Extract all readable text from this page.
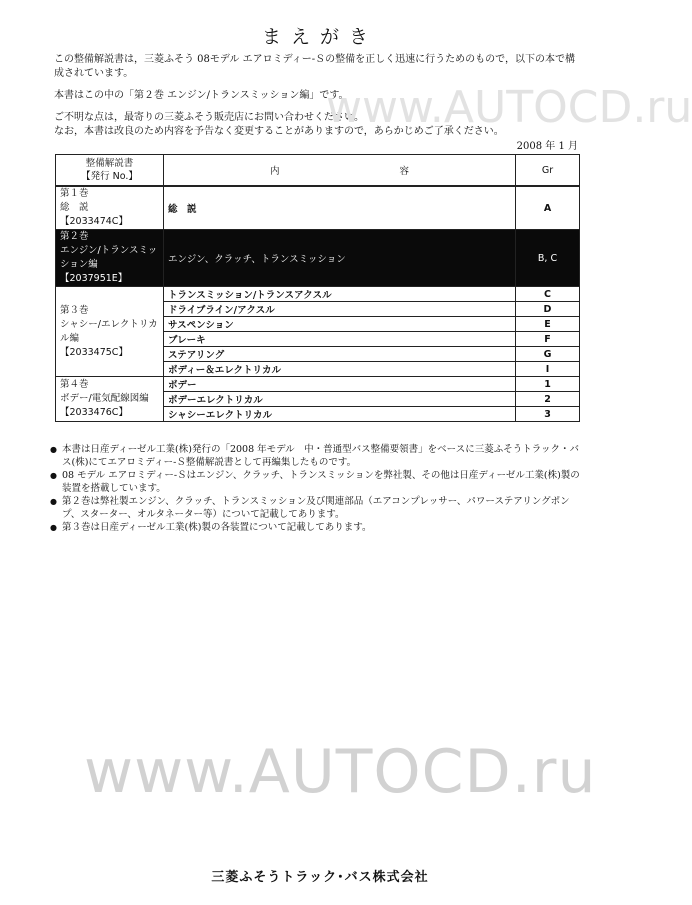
まえがき

この整備解説書は，三菱ふそう 08モデル エアロミディー-Ｓの整備を正しく迅速に行うためのもので，以下の本で構成されています。

本書はこの中の「第２巻 エンジン/トランスミッション編」です。

ご不明な点は，最寄りの三菱ふそう販売店にお問い合わせください。

なお，本書は改良のため内容を予告なく変更することがありますので，あらかじめご了承ください。

2008 年 1 月
整備解説書
【発行 No.】	内 容	Gr

第１巻
総　説
【2033474C】	総　説	A

第２巻
エンジン/トランスミッション編
【2037951E】	エンジン、クラッチ、トランスミッション	B, C

第３巻
シャシー/エレクトリカル編
【2033475C】	トランスミッション/トランスアクスル	C
	ドライブライン/アクスル	D
	サスペンション	E
	ブレーキ	F
	ステアリング	G
	ボディー＆エレクトリカル	I

第４巻
ボデー/電気配線図編
【2033476C】	ボデー	1
	ボデーエレクトリカル	2
	シャシーエレクトリカル	3
● 本書は日産ディーゼル工業(株)発行の「2008 年モデル　中・普通型バス整備要領書」をベースに三菱ふそうトラック・バス(株)にてエアロミディー-Ｓ整備解説書として再編集したものです。
● 08 モデル エアロミディー-Ｓはエンジン、クラッチ、トランスミッションを弊社製、その他は日産ディーゼル工業(株)製の装置を搭載しています。
● 第２巻は弊社製エンジン、クラッチ、トランスミッション及び関連部品（エアコンプレッサー、パワーステアリングポンプ、スターター、オルタネーター等）について記載してあります。
● 第３巻は日産ディーゼル工業(株)製の各装置について記載してあります。
www.AUTOCD.ru
www.AUTOCD.ru
三菱ふそうトラック･バス株式会社
